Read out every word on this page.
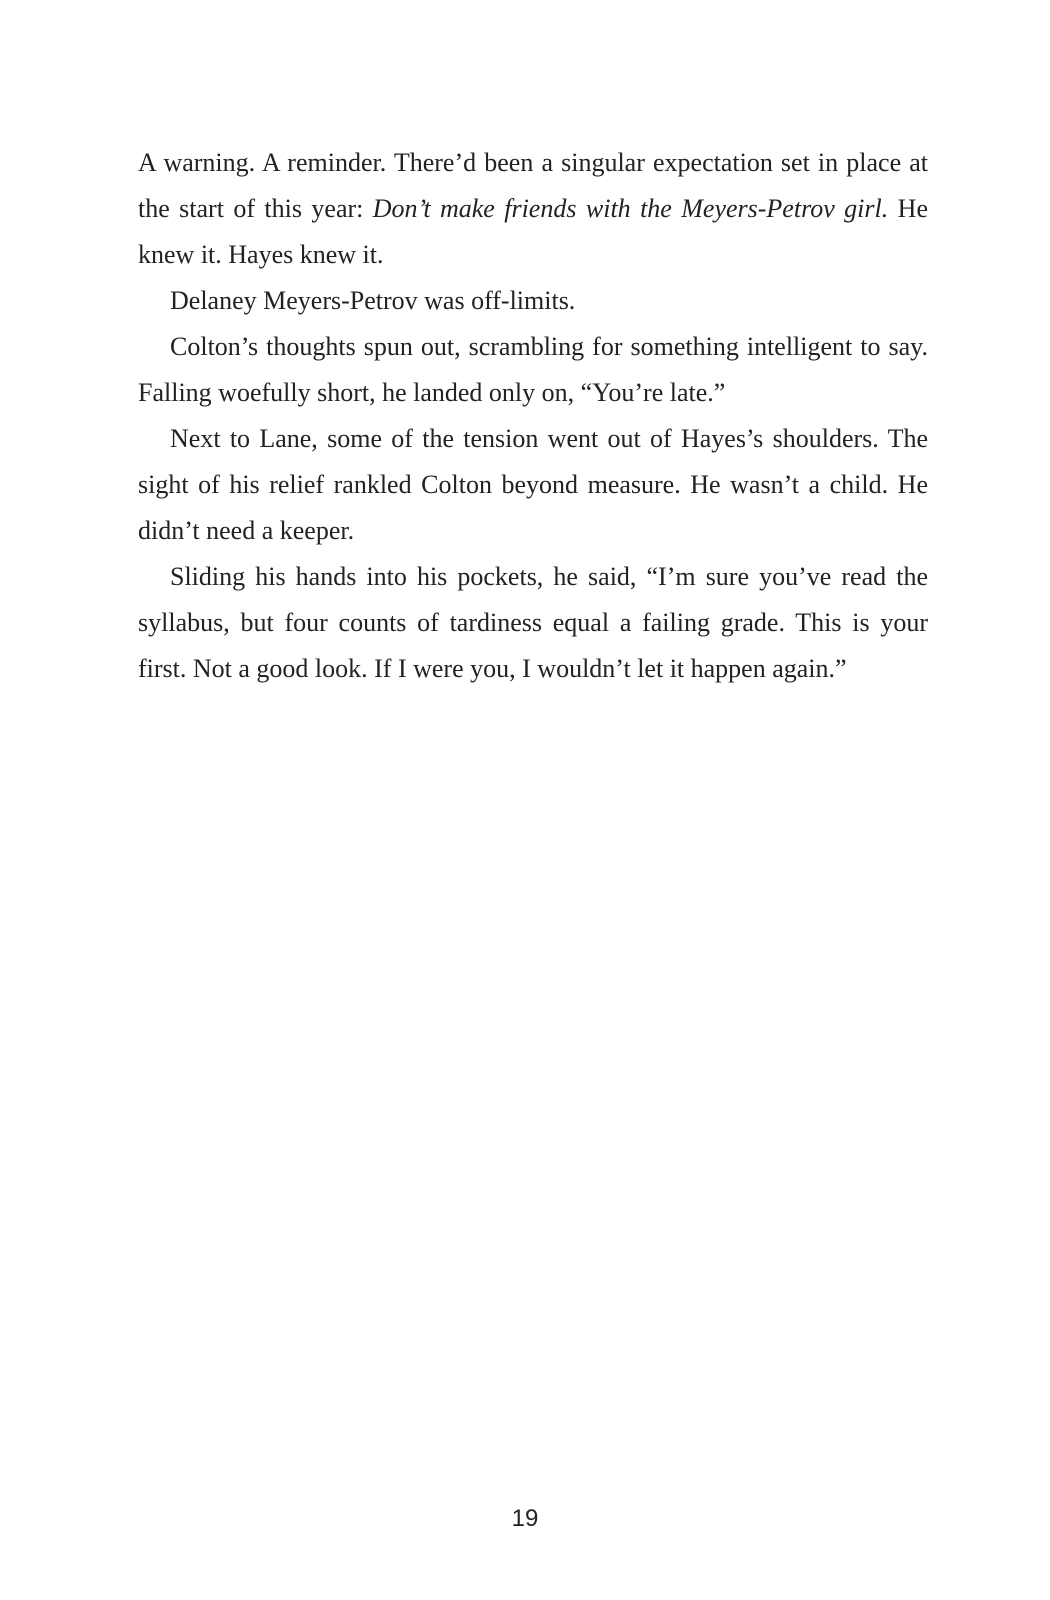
A warning. A reminder. There’d been a singular expectation set in place at the start of this year: Don’t make friends with the Meyers-Petrov girl. He knew it. Hayes knew it.

Delaney Meyers-Petrov was off-limits.

Colton’s thoughts spun out, scrambling for something intelligent to say. Falling woefully short, he landed only on, “You’re late.”

Next to Lane, some of the tension went out of Hayes’s shoulders. The sight of his relief rankled Colton beyond measure. He wasn’t a child. He didn’t need a keeper.

Sliding his hands into his pockets, he said, “I’m sure you’ve read the syllabus, but four counts of tardiness equal a failing grade. This is your first. Not a good look. If I were you, I wouldn’t let it happen again.”

19
